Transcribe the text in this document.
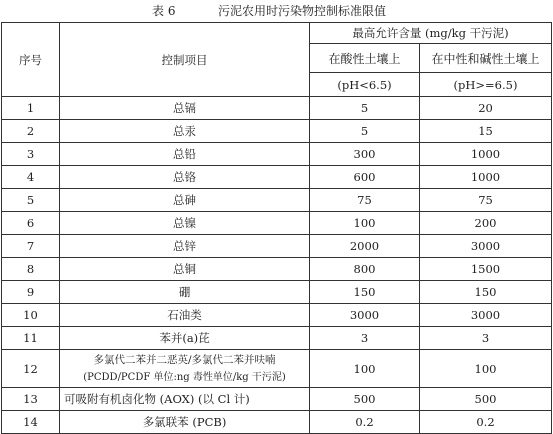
表 6	污泥农用时污染物控制标准限值
序号	控制项目	最高允许含量 (mg/kg 干污泥)	
		在酸性土壤上	在中性和碱性土壤上
		(pH<6.5)	(pH>=6.5)
1	总镉	5	20
2	总汞	5	15
3	总铅	300	1000
4	总铬	600	1000
5	总砷	75	75
6	总镍	100	200
7	总锌	2000	3000
8	总铜	800	1500
9	硼	150	150
10	石油类	3000	3000
11	苯并(a)芘	3	3
12	多氯代二苯并二恶英/多氯代二苯并呋喃
(PCDD/PCDF 单位:ng 毒性单位/kg 干污泥)	100	100
13	可吸附有机卤化物 (AOX) (以 Cl 计)	500	500
14	多氯联苯 (PCB)	0.2	0.2
